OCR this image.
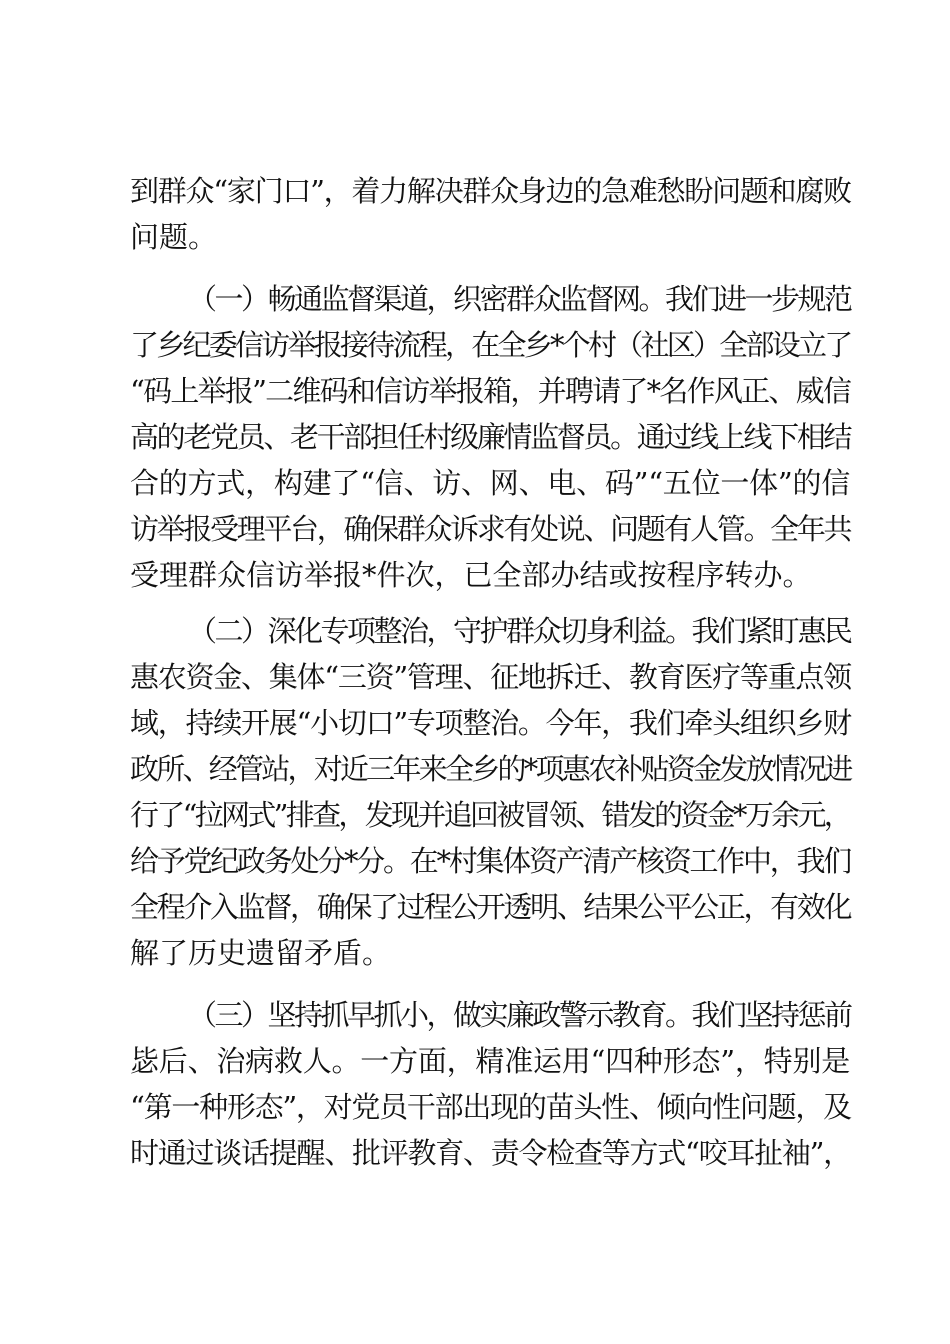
到群众“家门口”，着力解决群众身边的急难愁盼问题和腐败
问题。
（一）畅通监督渠道，织密群众监督网。我们进一步规范
了乡纪委信访举报接待流程，在全乡*个村（社区）全部设立了
“码上举报”二维码和信访举报箱，并聘请了*名作风正、威信
高的老党员、老干部担任村级廉情监督员。通过线上线下相结
合的方式，构建了“信、访、网、电、码”“五位一体”的信
访举报受理平台，确保群众诉求有处说、问题有人管。全年共
受理群众信访举报*件次，已全部办结或按程序转办。
（二）深化专项整治，守护群众切身利益。我们紧盯惠民
惠农资金、集体“三资”管理、征地拆迁、教育医疗等重点领
域，持续开展“小切口”专项整治。今年，我们牵头组织乡财
政所、经管站，对近三年来全乡的*项惠农补贴资金发放情况进
行了“拉网式”排查，发现并追回被冒领、错发的资金*万余元，
给予党纪政务处分*分。在*村集体资产清产核资工作中，我们
全程介入监督，确保了过程公开透明、结果公平公正，有效化
解了历史遗留矛盾。
（三）坚持抓早抓小，做实廉政警示教育。我们坚持惩前
毖后、治病救人。一方面，精准运用“四种形态”，特别是
“第一种形态”，对党员干部出现的苗头性、倾向性问题，及
时通过谈话提醒、批评教育、责令检查等方式“咬耳扯袖”，
